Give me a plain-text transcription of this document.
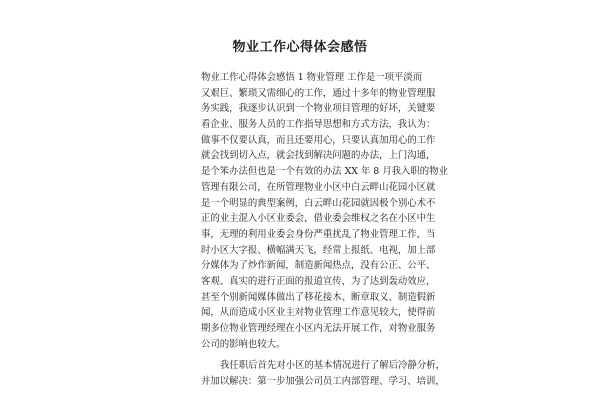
物业工作心得体会感悟
物业工作心得体会感悟 1 物业管理 工作是一项平淡而
又艰巨、繁琐又需细心的工作，通过十多年的物业管理服
务实践，我逐步认识到一个物业项目管理的好坏，关键要
看企业、服务人员的工作指导思想和方式方法，我认为：
做事不仅要认真，而且还要用心，只要认真加用心的工作
就会找到切入点，就会找到解决问题的办法，上门沟通，
是个笨办法但也是一个有效的办法 XX 年 8 月我入职的物业
管理有限公司，在所管理物业小区中白云畔山花园小区就
是一个明显的典型案例，白云畔山花园就因极个别心术不
正的业主混入小区业委会，借业委会维权之名在小区中生
事，无理的利用业委会身份严重扰乱了物业管理工作，当
时小区大字报、横幅满天飞，经常上报纸、电视，加上部
分媒体为了炒作新闻，制造新闻热点，没有公正、公平、
客观、真实的进行正面的报道宣传，为了达到轰动效应，
甚至个别新闻媒体做出了移花接木、断章取义、制造假新
闻，从而造成小区业主对物业管理工作意见较大，使得前
期多位物业管理经理在小区内无法开展工作，对物业服务
公司的影响也较大。
我任职后首先对小区的基本情况进行了解后冷静分析，
并加以解决：第一步加强公司员工内部管理、学习、培训，
